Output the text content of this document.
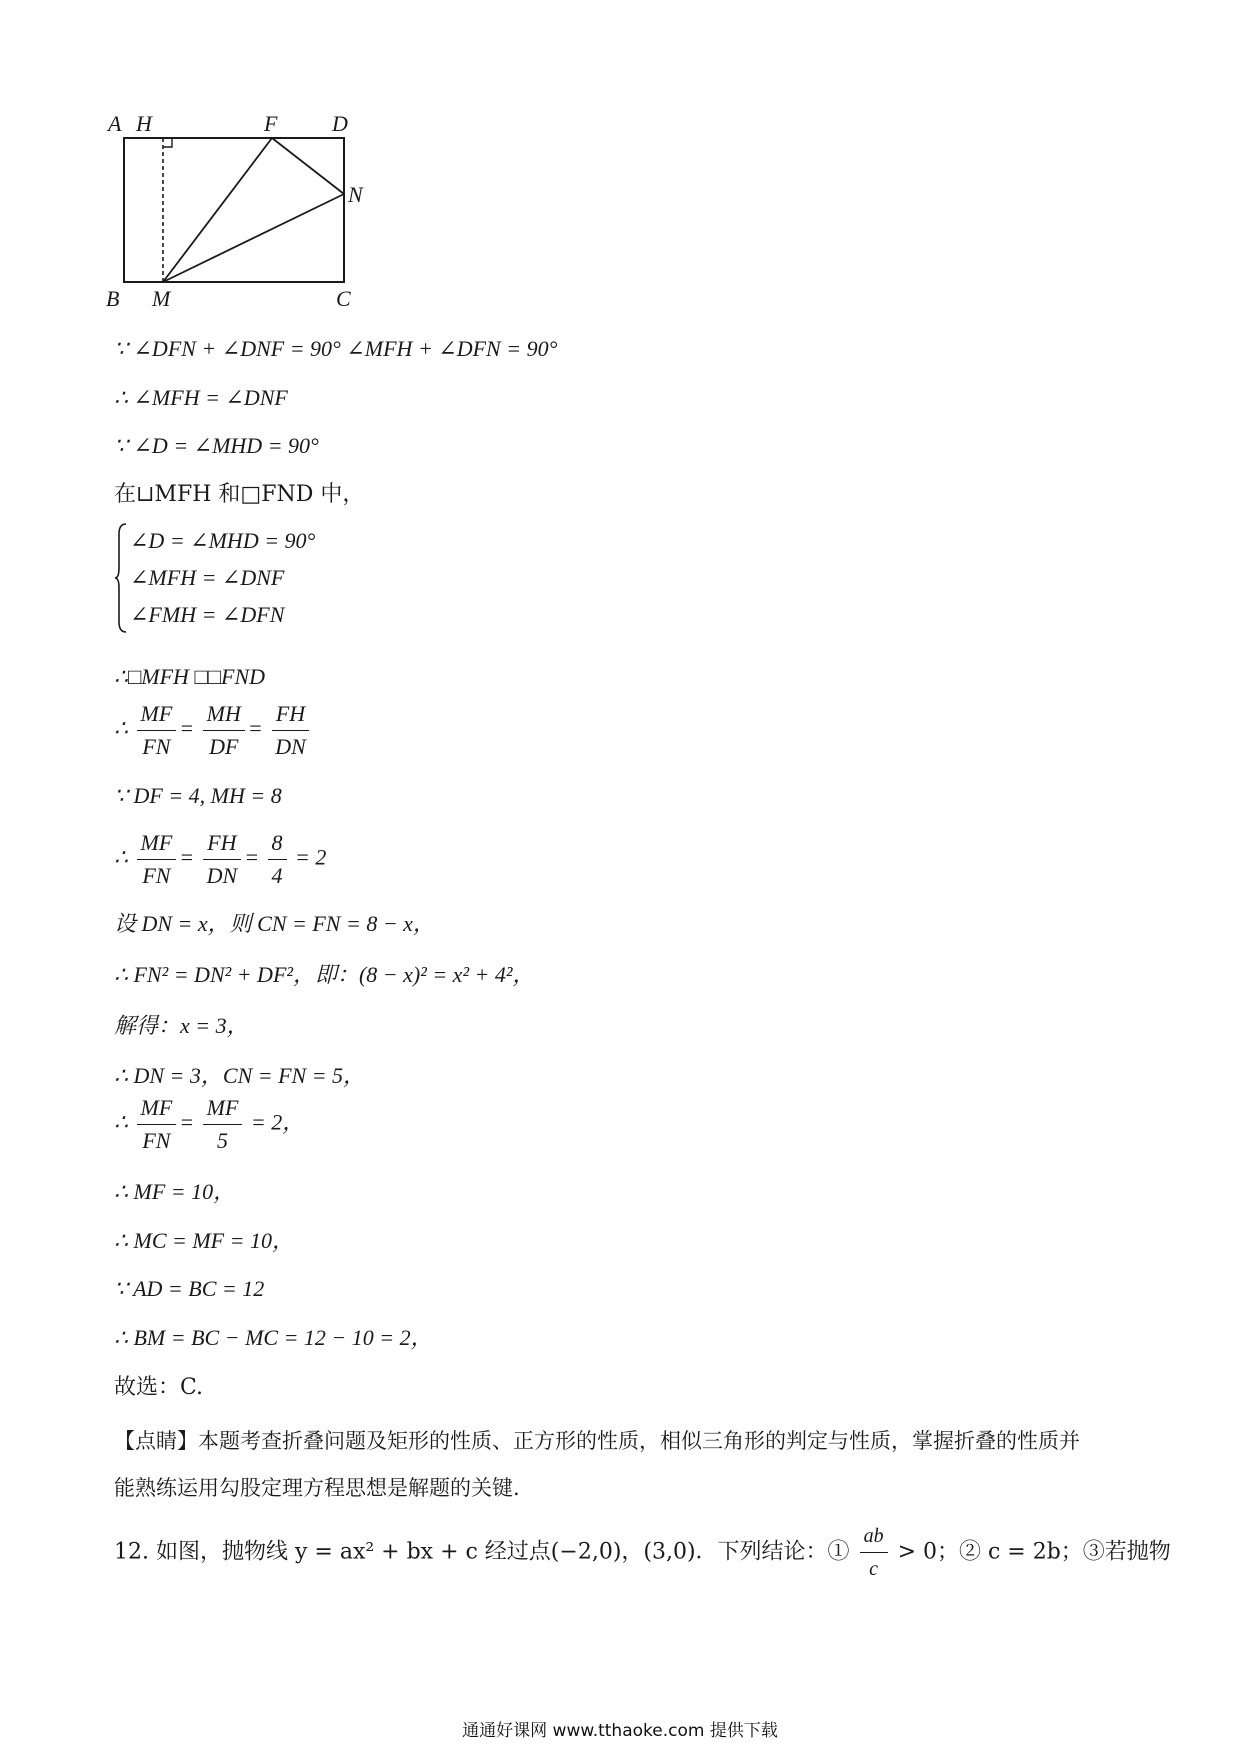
A H	F D
N
B M	C
∵ ∠DFN + ∠DNF = 90° ∠MFH + ∠DFN = 90°
∴ ∠MFH = ∠DNF
∵ ∠D = ∠MHD = 90°
在⊔MFH 和□FND 中，
∠D = ∠MHD = 90°
∠MFH = ∠DNF
∠FMH = ∠DFN
∴□MFH □□FND
∴ $\frac{MF}{FN} = \frac{MH}{DF} = \frac{FH}{DN}$
∵ DF = 4, MH = 8
∴ $\frac{MF}{FN} = \frac{FH}{DN} = \frac{8}{4} = 2$
设 DN = x，则 CN = FN = 8 − x，
∴ FN² = DN² + DF²，即：(8 − x)² = x² + 4²，
解得：x = 3，
∴ DN = 3，CN = FN = 5，
∴ $\frac{MF}{FN} = \frac{MF}{5} = 2$，
∴ MF = 10，
∴ MC = MF = 10，
∵ AD = BC = 12
∴ BM = BC − MC = 12 − 10 = 2，
故选：C.
【点睛】本题考查折叠问题及矩形的性质、正方形的性质，相似三角形的判定与性质，掌握折叠的性质并
能熟练运用勾股定理方程思想是解题的关键.
12. 如图，抛物线 y = ax² + bx + c 经过点(−2,0)，(3,0)．下列结论：① $\frac{ab}{c} > 0$；② c = 2b；③若抛物
通通好课网 www.tthaoke.com 提供下载
